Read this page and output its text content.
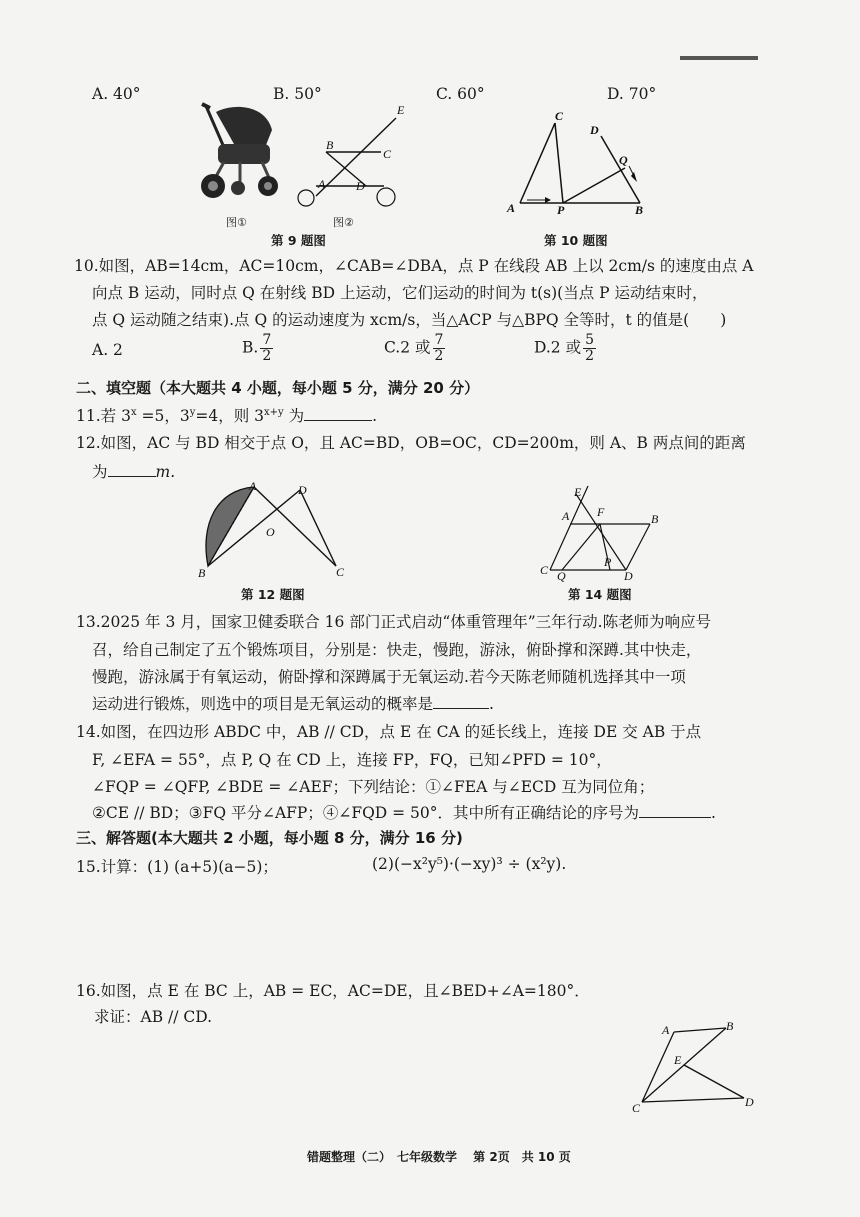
A. 40°	B. 50°	C. 60°	D. 70°
图①
E
B
C
A	D
图②
第 9 题图
C
D
Q
A	P	B
第 10 题图
10.如图，AB=14cm，AC=10cm，∠CAB=∠DBA，点 P 在线段 AB 上以 2cm/s 的速度由点 A
向点 B 运动，同时点 Q 在射线 BD 上运动，它们运动的时间为 t(s)(当点 P 运动结束时，
点 Q 运动随之结束).点 Q 的运动速度为 xcm/s，当△ACP 与△BPQ 全等时，t 的值是(　　)
A. 2	B. $\frac{7}{2}$	C.2 或 $\frac{7}{2}$	D.2 或 $\frac{5}{2}$
二、填空题（本大题共 4 小题，每小题 5 分，满分 20 分）
11.若 $3^x =5$，$3^y=4$，则 $3^{x+y}$ 为	.
12.如图，AC 与 BD 相交于点 O，且 AC=BD，OB=OC，CD=200m，则 A、B 两点间的距离
为	m.
A	D
O
B	C
第 12 题图
E
A F	B
C Q
P
D
第 14 题图
13.2025 年 3 月，国家卫健委联合 16 部门正式启动“体重管理年”三年行动.陈老师为响应号
召，给自己制定了五个锻炼项目，分别是：快走，慢跑，游泳，俯卧撑和深蹲.其中快走，
慢跑，游泳属于有氧运动，俯卧撑和深蹲属于无氧运动.若今天陈老师随机选择其中一项
运动进行锻炼，则选中的项目是无氧运动的概率是	.
14.如图，在四边形 ABDC 中，AB // CD，点 E 在 CA 的延长线上，连接 DE 交 AB 于点
F, ∠EFA = 55°，点 P, Q 在 CD 上，连接 FP，FQ，已知∠PFD = 10°，
∠FQP = ∠QFP, ∠BDE = ∠AEF；下列结论：①∠FEA 与∠ECD 互为同位角；
②CE // BD；③FQ 平分∠AFP；④∠FQD = 50°．其中所有正确结论的序号为	.
三、解答题(本大题共 2 小题，每小题 8 分，满分 16 分)
15.计算：(1) (a+5)(a−5)；	(2)(−x²y⁵)·(−xy)³ ÷ (x²y).
16.如图，点 E 在 BC 上，AB = EC，AC=DE，且∠BED+∠A=180°．
求证：AB // CD.
A	B
E
C	D
错题整理（二）　七年级数学　 第 2页　共 10 页
